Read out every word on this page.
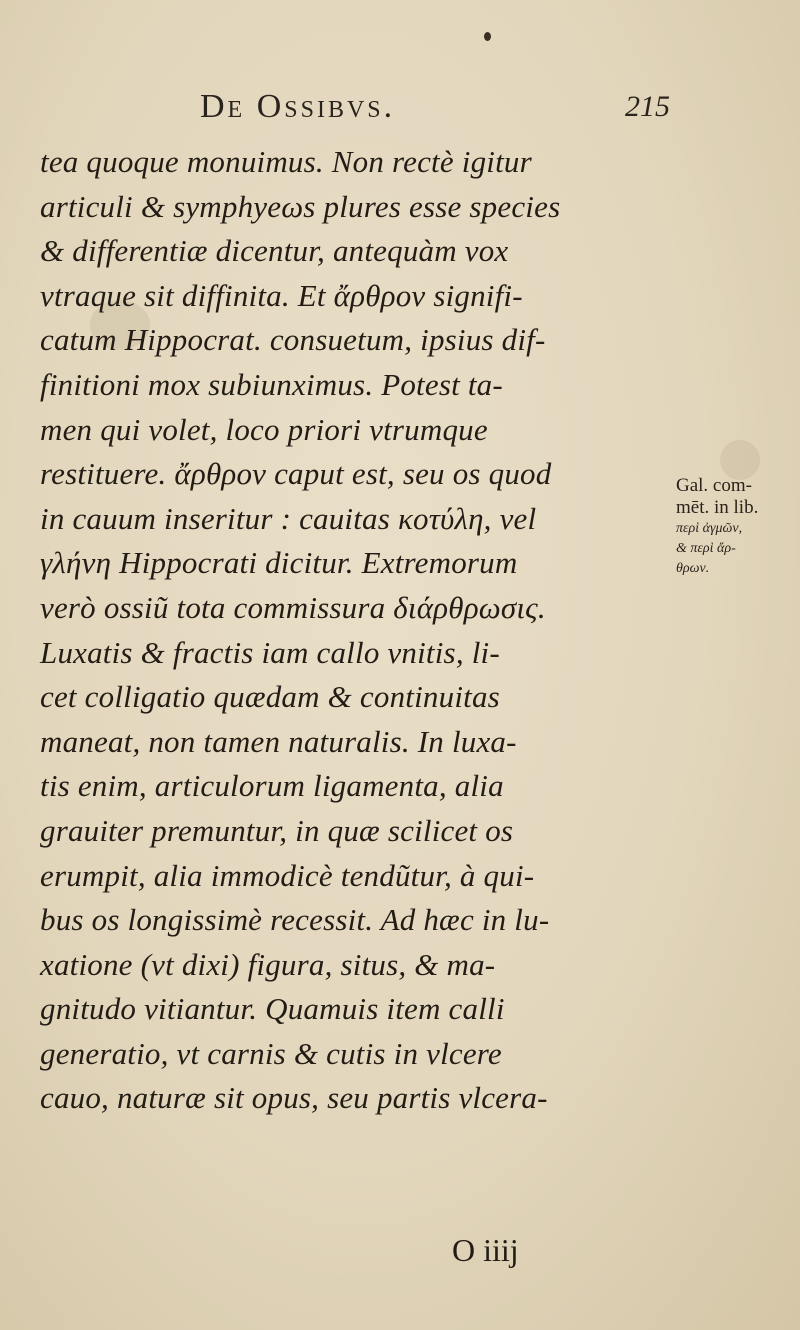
De Ossibvs.	215
tea quoque monuimus. Non rectè igitur
articuli & symphyeωs plures esse species
& differentiæ dicentur, antequàm vox
vtraque sit diffinita. Et ἄρθρον signifi-
catum Hippocrat. consuetum, ipsius dif-
finitioni mox subiunximus. Potest ta-
men qui volet, loco priori vtrumque
restituere. ἄρθρον caput est, seu os quod
in cauum inseritur : cauitas κοτύλη, vel
γλήνη Hippocrati dicitur. Extremorum
verò ossiũ tota commissura διάρθρωσις.
Luxatis & fractis iam callo vnitis, li-
cet colligatio quædam & continuitas
maneat, non tamen naturalis. In luxa-
tis enim, articulorum ligamenta, alia
grauiter premuntur, in quæ scilicet os
erumpit, alia immodicè tendũtur, à qui-
bus os longissimè recessit. Ad hæc in lu-
xatione (vt dixi) figura, situs, & ma-
gnitudo vitiantur. Quamuis item calli
generatio, vt carnis & cutis in vlcere
cauo, naturæ sit opus, seu partis vlcera-
Gal. com-
mēt. in lib.
περὶ ἀγμῶν,
& περὶ ἄρ-
θρων.
O iiij
